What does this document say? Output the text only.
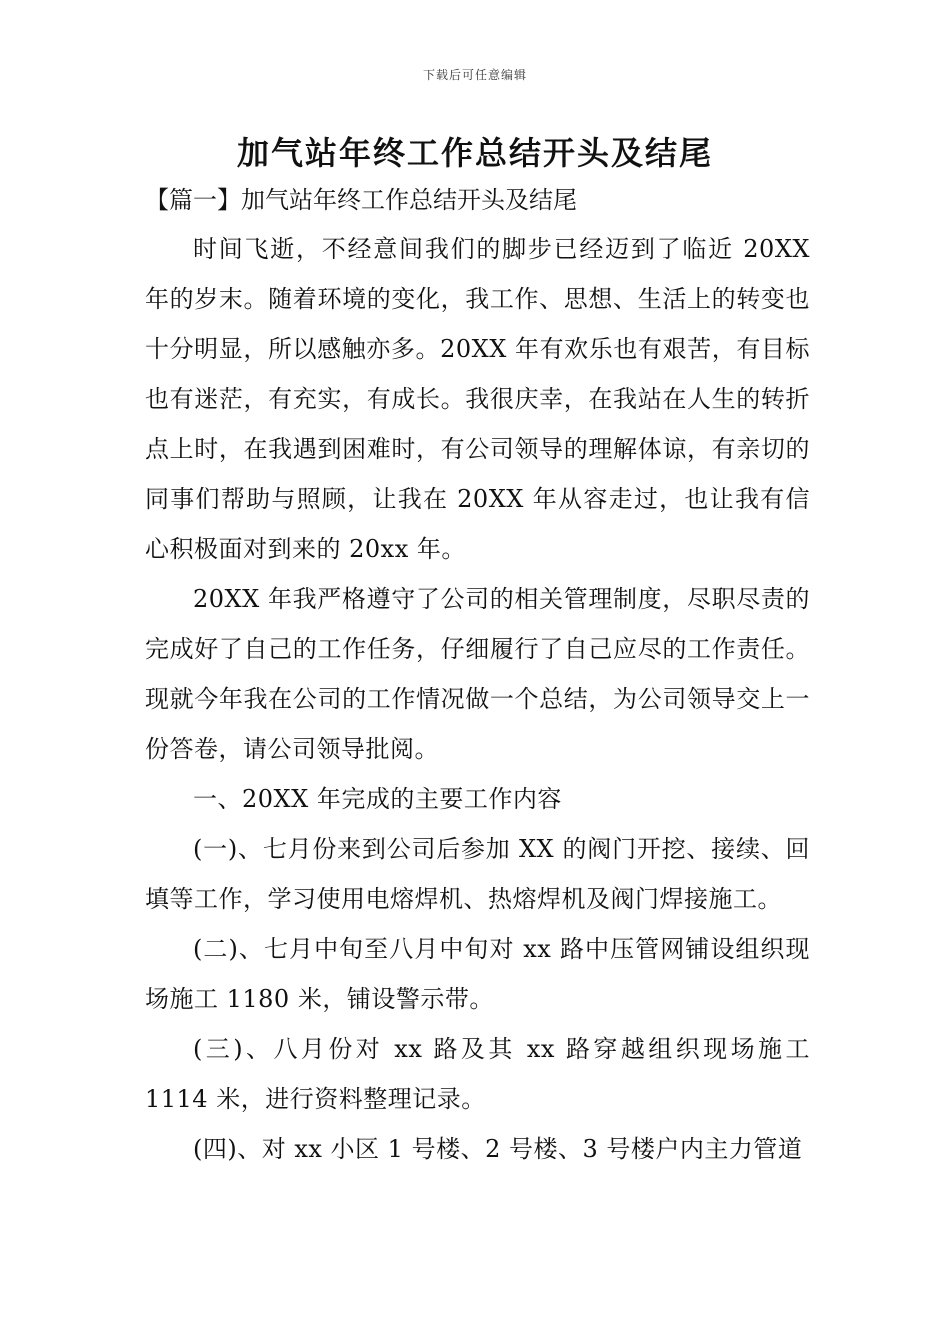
下载后可任意编辑
加气站年终工作总结开头及结尾
【篇一】加气站年终工作总结开头及结尾

时间飞逝，不经意间我们的脚步已经迈到了临近 20XX 年的岁末。随着环境的变化，我工作、思想、生活上的转变也十分明显，所以感触亦多。20XX 年有欢乐也有艰苦，有目标也有迷茫，有充实，有成长。我很庆幸，在我站在人生的转折点上时，在我遇到困难时，有公司领导的理解体谅，有亲切的同事们帮助与照顾，让我在 20XX 年从容走过，也让我有信心积极面对到来的 20xx 年。

20XX 年我严格遵守了公司的相关管理制度，尽职尽责的完成好了自己的工作任务，仔细履行了自己应尽的工作责任。现就今年我在公司的工作情况做一个总结，为公司领导交上一份答卷，请公司领导批阅。

一、20XX 年完成的主要工作内容

(一)、七月份来到公司后参加 XX 的阀门开挖、接续、回填等工作，学习使用电熔焊机、热熔焊机及阀门焊接施工。

(二)、七月中旬至八月中旬对 xx 路中压管网铺设组织现场施工 1180 米，铺设警示带。

(三)、八月份对 xx 路及其 xx 路穿越组织现场施工 1114 米，进行资料整理记录。

(四)、对 xx 小区 1 号楼、2 号楼、3 号楼户内主力管道
